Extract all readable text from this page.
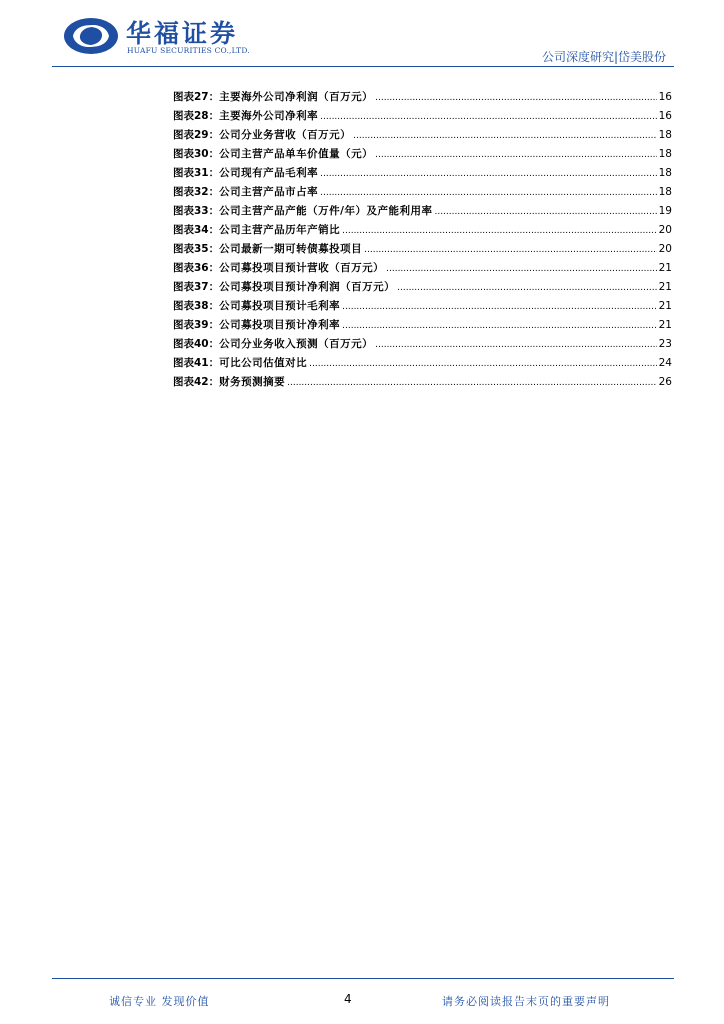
华福证券
HUAFU SECURITIES CO.,LTD.	公司深度研究|岱美股份
图表 27 ： 主要海外公司净利润（百万元） .....	16
图表 28 ： 主要海外公司净利率 .....	16
图表 29 ： 公司分业务营收（百万元） .....	18
图表 30 ： 公司主营产品单车价值量（元） .....	18
图表 31 ： 公司现有产品毛利率 .....	18
图表 32 ： 公司主营产品市占率 .....	18
图表 33 ： 公司主营产品产能（万件/年）及产能利用率 .....	19
图表 34 ： 公司主营产品历年产销比 .....	20
图表 35 ： 公司最新一期可转债募投项目 .....	20
图表 36 ： 公司募投项目预计营收（百万元） .....	21
图表 37 ： 公司募投项目预计净利润（百万元） .....	21
图表 38 ： 公司募投项目预计毛利率 .....	21
图表 39 ： 公司募投项目预计净利率 .....	21
图表 40 ： 公司分业务收入预测（百万元） .....	23
图表 41 ： 可比公司估值对比 .....	24
图表 42 ： 财务预测摘要 .....	26
诚信专业 发现价值	4	请务必阅读报告末页的重要声明
